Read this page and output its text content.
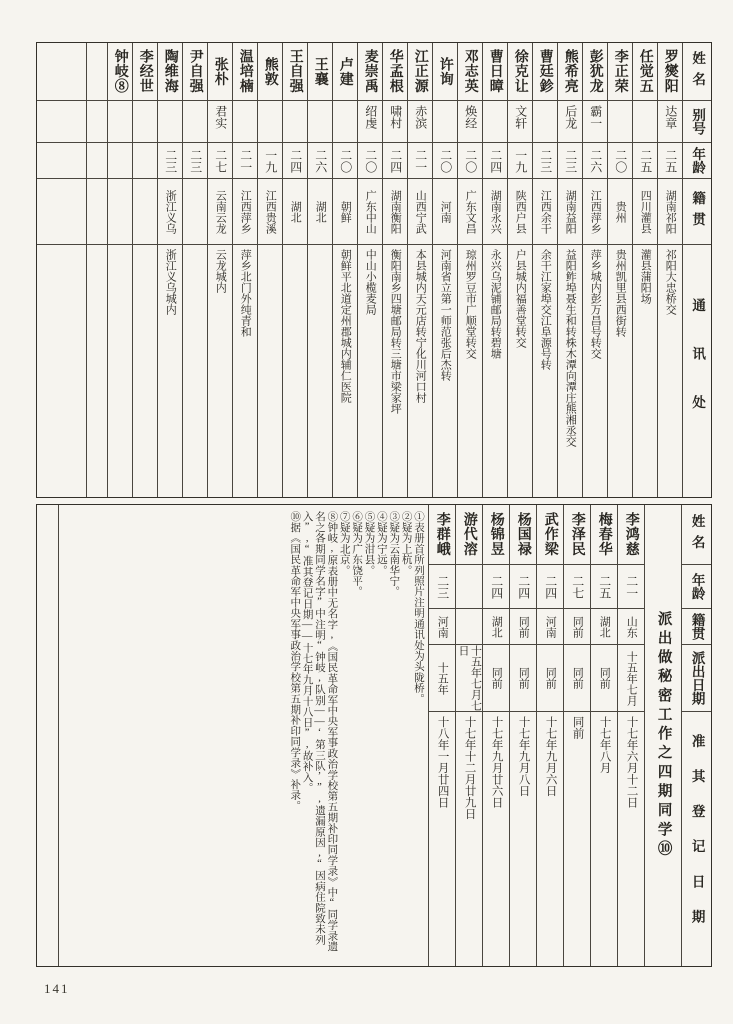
姓名
别号
年龄
籍贯
通讯处
罗爕阳
达章
二五
湖南祁阳
祁阳大忠桥交
任觉五
二五
四川灌县
灌县蒲阳场
李正荣
二〇
贵州
贵州凯里县西街转
彭犹龙
霸一
二六
江西萍乡
萍乡城内彭万昌号转交
熊希亮
后龙
二三
湖南益阳
益阳鲊埠聂生和转株木潭向潭庄熊湘丞交
曹廷鉁
二三
江西余干
余干江家埠交江阜源号转
徐克让
文轩
一九
陕西户县
户县城内福善堂转交
曹日暲
二四
湖南永兴
永兴乌泥铺邮局转碧塘
邓志英
焕经
二〇
广东文昌
琼州罗豆市广顺堂转交
许询
二〇
河南
河南省立第一师范张后杰转
江正源
赤滨
二一
山西宁武
本县城内天元店转宁化川河口村
华孟根
啸村
二四
湖南衡阳
衡阳南乡四塘邮局转三塘市梁家坪
麦崇禹
绍虔
二〇
广东中山
中山小榄麦局
卢建
二〇
朝鲜
朝鲜平北道定州郡城内辅仁医院
王襄
二六
湖北
王自强
二四
湖北
熊敦
一九
江西贵溪
温培楠
二一
江西萍乡
萍乡北门外纯青和
张朴
君实
二七
云南云龙
云龙城内
尹自强
二三
陶维海
二三
浙江义乌
浙江义乌城内
李经世
钟岐⑧
姓名
年龄
籍贯
派出日期
准其登记日期
派出做秘密工作之四期同学⑩
李鸿慈
二一
山东
十五年七月
十七年六月十二日
梅春华
二五
湖北
同前
十七年八月
李泽民
二七
同前
同前
同前
武作梁
二四
河南
同前
十七年九月六日
杨国禄
二四
同前
同前
十七年九月八日
杨锦昱
二四
湖北
同前
十七年九月廿六日
游代溶
十五年七月七日
十七年十二月廿九日
李群峨
二三
河南
十五年
十八年一月廿四日
①表册首所列照片注明通讯处为头陇桥。
②疑为上杭。
③疑为云南华宁。
④疑为宁远。
⑤疑为泔县。
⑥疑为广东饶平。
⑦疑为北京。
⑧钟岐,原表册中无名字,《国民革命军中央军事政治学校第五期补印同学录》中“同学录遗名之各期同学名字”中注明“钟岐,队别——‘第三队’”,遗漏原因,“因病住院致未列入”,“准其登记日期——十七年九月十八日”,故补入。
⑩据《国民革命军中央军事政治学校第五期补印同学录》补录。
141
